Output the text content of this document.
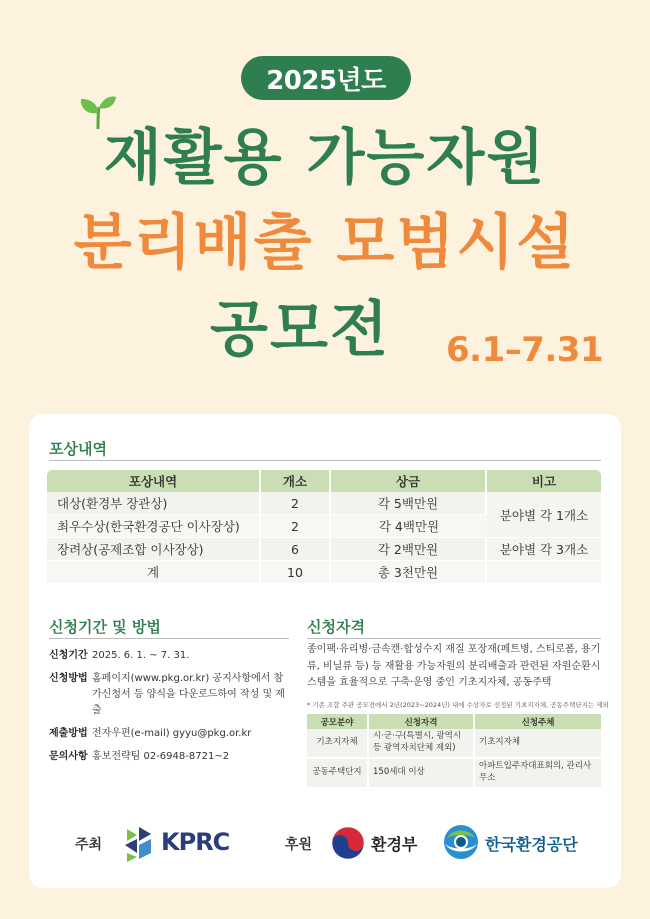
2025년도
재활용 가능자원
분리배출 모범시설
공모전	6.1–7.31
포상내역
포상내역	개소	상금	비고
대상(환경부 장관상)	2	각 5백만원	분야별 각 1개소
최우수상(한국환경공단 이사장상)	2	각 4백만원	
장려상(공제조합 이사장상)	6	각 2백만원	분야별 각 3개소
계	10	총 3천만원	
신청기간 및 방법
신청기간 2025. 6. 1. ~ 7. 31.
신청방법 홈페이지(www.pkg.or.kr) 공지사항에서 참가신청서 등 양식을 다운로드하여 작성 및 제출
제출방법 전자우편(e-mail) gyyu@pkg.or.kr
문의사항 홍보전략팀 02-6948-8721~2
신청자격
종이팩·유리병·금속캔·합성수지 재질 포장재(페트병, 스티로폼, 용기류, 비닐류 등) 등 재활용 가능자원의 분리배출과 관련된 자원순환시스템을 효율적으로 구축·운영 중인 기초지자체, 공동주택
* 기존 조합 주관 공모전에서 2년(2023~2024년) 내에 수상자로 선정된 기초지자체, 공동주택단지는 제외
공모분야	신청자격	신청주체
기초지자체	시·군·구(특별시, 광역시 등 광역자치단체 제외)	기초지자체
공동주택단지	150세대 이상	아파트입주자대표회의, 관리사무소
주최 KPRC	후원	환경부	한국환경공단
